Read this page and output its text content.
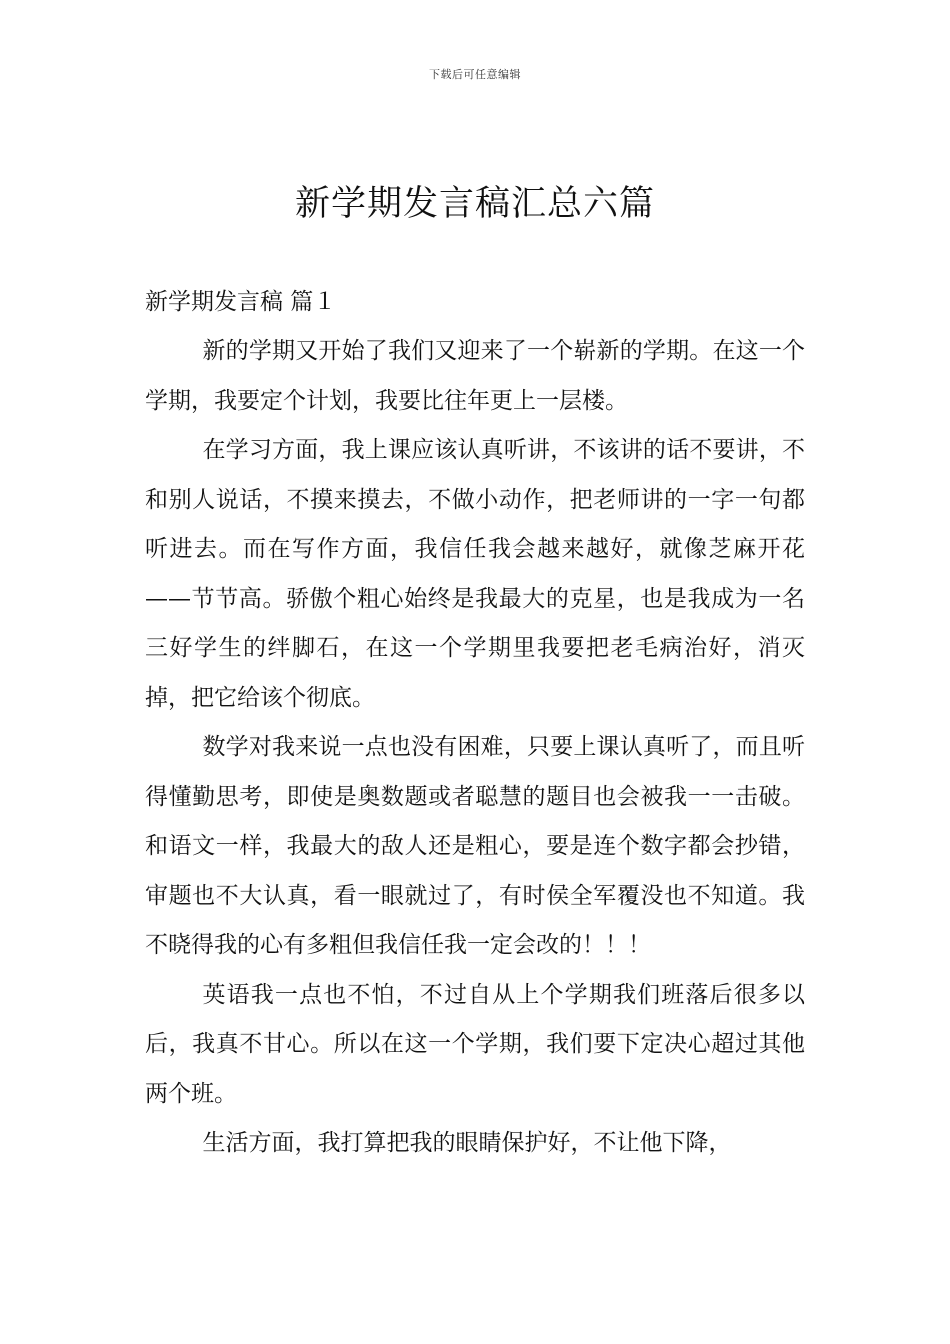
下载后可任意编辑
新学期发言稿汇总六篇

新学期发言稿 篇１

新的学期又开始了我们又迎来了一个崭新的学期。在这一个学期，我要定个计划，我要比往年更上一层楼。

在学习方面，我上课应该认真听讲，不该讲的话不要讲，不和别人说话，不摸来摸去，不做小动作，把老师讲的一字一句都听进去。而在写作方面，我信任我会越来越好，就像芝麻开花——节节高。骄傲个粗心始终是我最大的克星，也是我成为一名三好学生的绊脚石，在这一个学期里我要把老毛病治好，消灭掉，把它给该个彻底。

数学对我来说一点也没有困难，只要上课认真听了，而且听得懂勤思考，即使是奥数题或者聪慧的题目也会被我一一击破。和语文一样，我最大的敌人还是粗心，要是连个数字都会抄错，审题也不大认真，看一眼就过了，有时侯全军覆没也不知道。我不晓得我的心有多粗但我信任我一定会改的！！！

英语我一点也不怕，不过自从上个学期我们班落后很多以后，我真不甘心。所以在这一个学期，我们要下定决心超过其他两个班。

生活方面，我打算把我的眼睛保护好，不让他下降，
